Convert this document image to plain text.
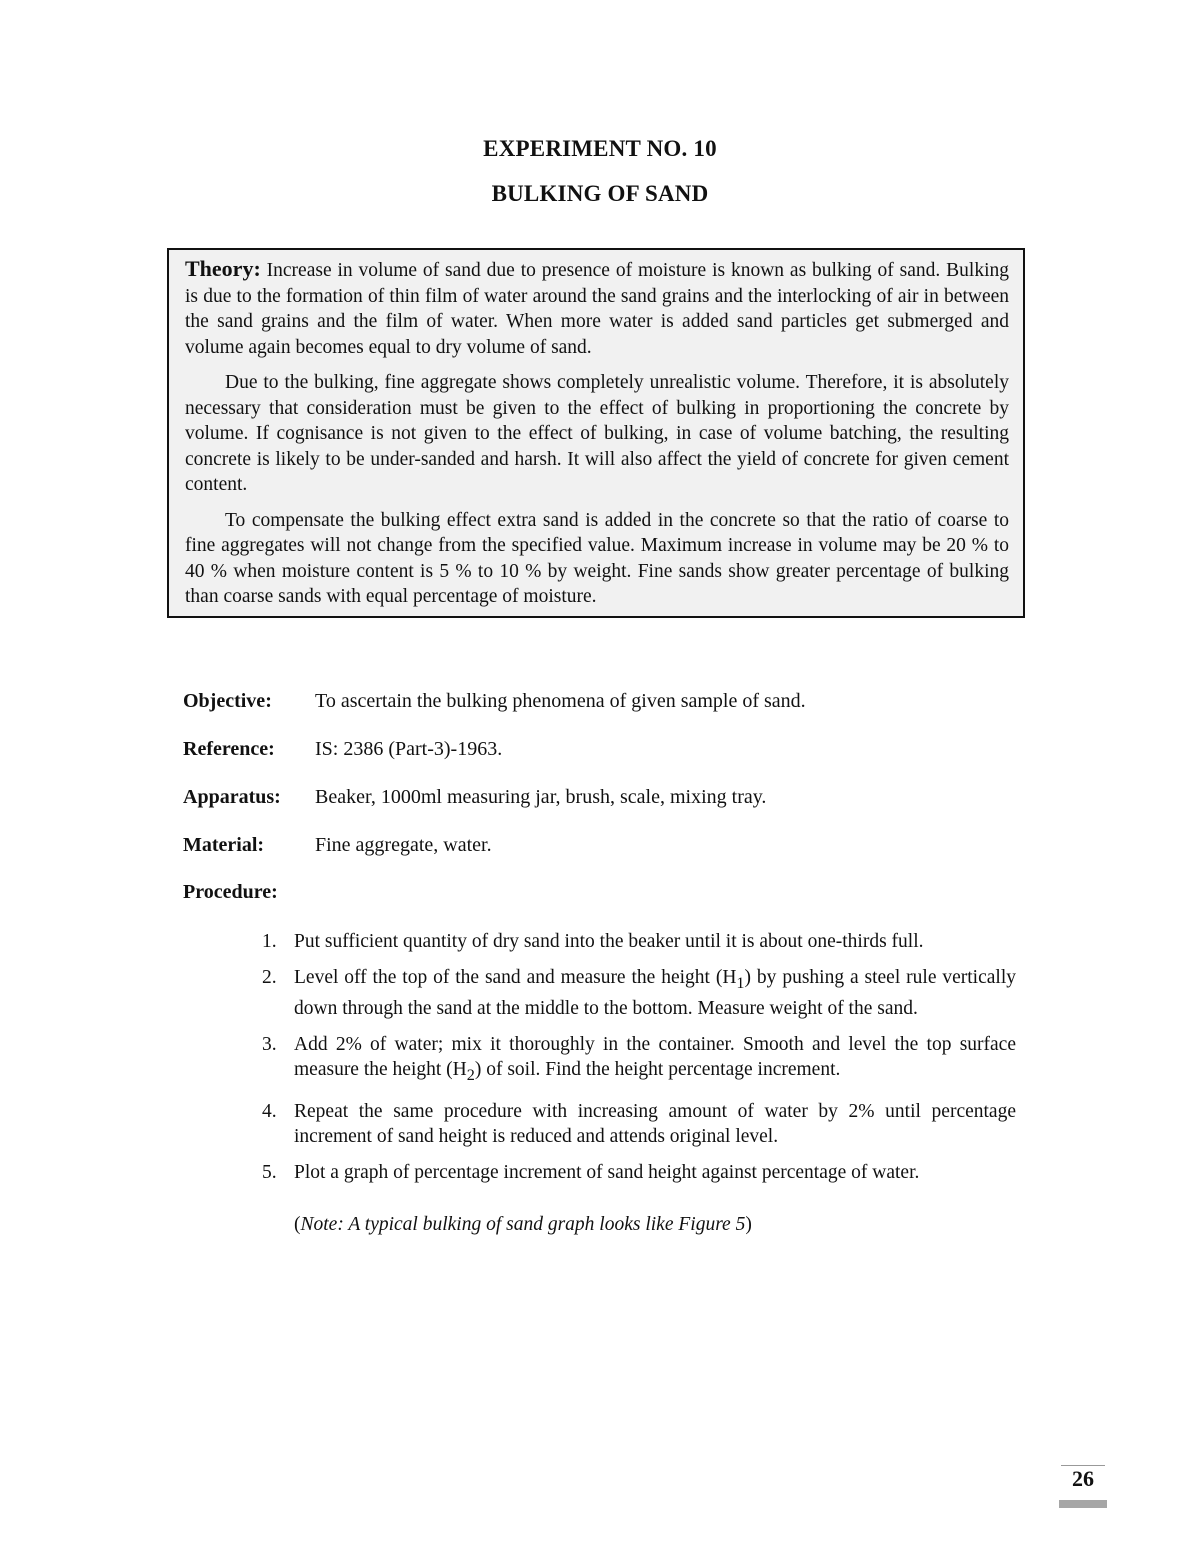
EXPERIMENT NO. 10
BULKING OF SAND

Theory: Increase in volume of sand due to presence of moisture is known as bulking of sand. Bulking is due to the formation of thin film of water around the sand grains and the interlocking of air in between the sand grains and the film of water. When more water is added sand particles get submerged and volume again becomes equal to dry volume of sand.

Due to the bulking, fine aggregate shows completely unrealistic volume. Therefore, it is absolutely necessary that consideration must be given to the effect of bulking in proportioning the concrete by volume. If cognisance is not given to the effect of bulking, in case of volume batching, the resulting concrete is likely to be under-sanded and harsh. It will also affect the yield of concrete for given cement content.

To compensate the bulking effect extra sand is added in the concrete so that the ratio of coarse to fine aggregates will not change from the specified value. Maximum increase in volume may be 20 % to 40 % when moisture content is 5 % to 10 % by weight. Fine sands show greater percentage of bulking than coarse sands with equal percentage of moisture.

Objective: To ascertain the bulking phenomena of given sample of sand.
Reference: IS: 2386 (Part-3)-1963.
Apparatus: Beaker, 1000ml measuring jar, brush, scale, mixing tray.
Material:	Fine aggregate, water.
Procedure:
1. Put sufficient quantity of dry sand into the beaker until it is about one-thirds full.
2. Level off the top of the sand and measure the height $(H_1)$ by pushing a steel rule vertically down through the sand at the middle to the bottom. Measure weight of the sand.
3. Add 2% of water; mix it thoroughly in the container. Smooth and level the top surface measure the height $(H_2)$ of soil. Find the height percentage increment.
4. Repeat the same procedure with increasing amount of water by 2% until percentage increment of sand height is reduced and attends original level.
5. Plot a graph of percentage increment of sand height against percentage of water.
(Note: A typical bulking of sand graph looks like Figure 5)
26
